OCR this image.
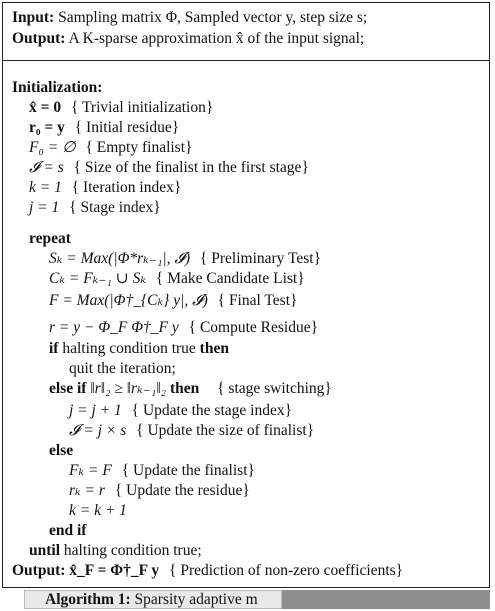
Input: Sampling matrix Φ, Sampled vector y, step size s;
Output: A K-sparse approximation x̂ of the input signal;
Initialization:
x̂ = 0 { Trivial initialization}
r₀ = y { Initial residue}
F₀ = ∅ { Empty finalist}
𝓘 = s { Size of the finalist in the first stage}
k = 1 { Iteration index}
j = 1 { Stage index}
repeat
Sₖ = Max(|Φ*rₖ₋₁|, 𝓘) { Preliminary Test}
Cₖ = Fₖ₋₁ ∪ Sₖ { Make Candidate List}
F = Max(|Φ†_{Cₖ} y|, 𝓘) { Final Test}
r = y − Φ_F Φ†_F y { Compute Residue}
if halting condition true then
quit the iteration;
else if ‖r‖₂ ≥ ‖rₖ₋₁‖₂ then { stage switching}
j = j + 1 { Update the stage index}
𝓘 = j × s { Update the size of finalist}
else
Fₖ = F { Update the finalist}
rₖ = r { Update the residue}
k = k + 1
end if
until halting condition true;
Output: x̂_F = Φ†_F y { Prediction of non-zero coefficients}
Algorithm 1: Sparsity adaptive m
